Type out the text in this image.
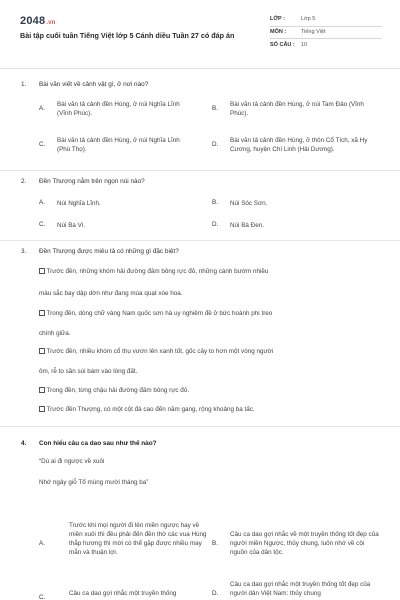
2048.vn
Bài tập cuối tuần Tiếng Việt lớp 5 Cánh diều Tuần 27 có đáp án
LỚP :	Lớp 5
MÔN :	Tiếng Việt
SỐ CÂU :	10
1.	Bài văn viết về cảnh vật gì, ở nơi nào?
A.
Bài văn tả cảnh đền Hùng, ở núi Nghĩa Lĩnh (Vĩnh Phúc).
B.
Bài văn tả cảnh đền Hùng, ở núi Tam Đảo (Vĩnh Phúc).
C.
Bài văn tả cảnh đền Hùng, ở núi Nghĩa Lĩnh (Phú Thọ).
D.
Bài văn tả cảnh đền Hùng, ở thôn Cổ Tích, xã Hy Cương, huyện Chí Linh (Hải Dương).
2.	Đền Thượng nằm trên ngọn núi nào?
A.	Núi Nghĩa Lĩnh.	B.	Núi Sóc Sơn.
C.	Núi Ba Vì.	D.	Núi Bà Đen.
3.	Đền Thượng được miêu tả có những gì đặc biệt?
Trước đền, những khóm hải đường đâm bông rực đỏ, những cánh bướm nhiều
màu sắc bay dập dờn như đang múa quạt xòe hoa.
Trong đền, dòng chữ vàng Nam quốc sơn hà uy nghiêm đề ở bức hoành phi treo
chính giữa.
Trước đền, nhiều khóm cổ thụ vươn lên xanh tốt, gốc cây to hơn một vòng người
ôm, rễ to sần sùi bám vào lòng đất.
Trong đền, từng chậu hải đường đâm bông rực đỏ.
Trước đền Thượng, có một cột đá cao đến năm gang, rộng khoảng ba tấc.
4.	Con hiểu câu ca dao sau như thế nào?
“Dù ai đi ngược về xuôi
Nhớ ngày giỗ Tổ mùng mười tháng ba”
A.
Trước khi mọi người đi lên miền ngược hay về miền xuôi thì đều phải đến đền thờ các vua Hùng thắp hương thì mới có thể gặp được nhiều may mắn và thuận lợi.
B.
Câu ca dao gợi nhắc về một truyền thống tốt đẹp của người miền Ngược, thủy chung, luôn nhớ về cội nguồn của dân tộc.
C.
Câu ca dao gợi nhắc một truyền thống	D.
Câu ca dao gợi nhắc một truyền thống tốt đẹp của người dân Việt Nam: thủy chung
